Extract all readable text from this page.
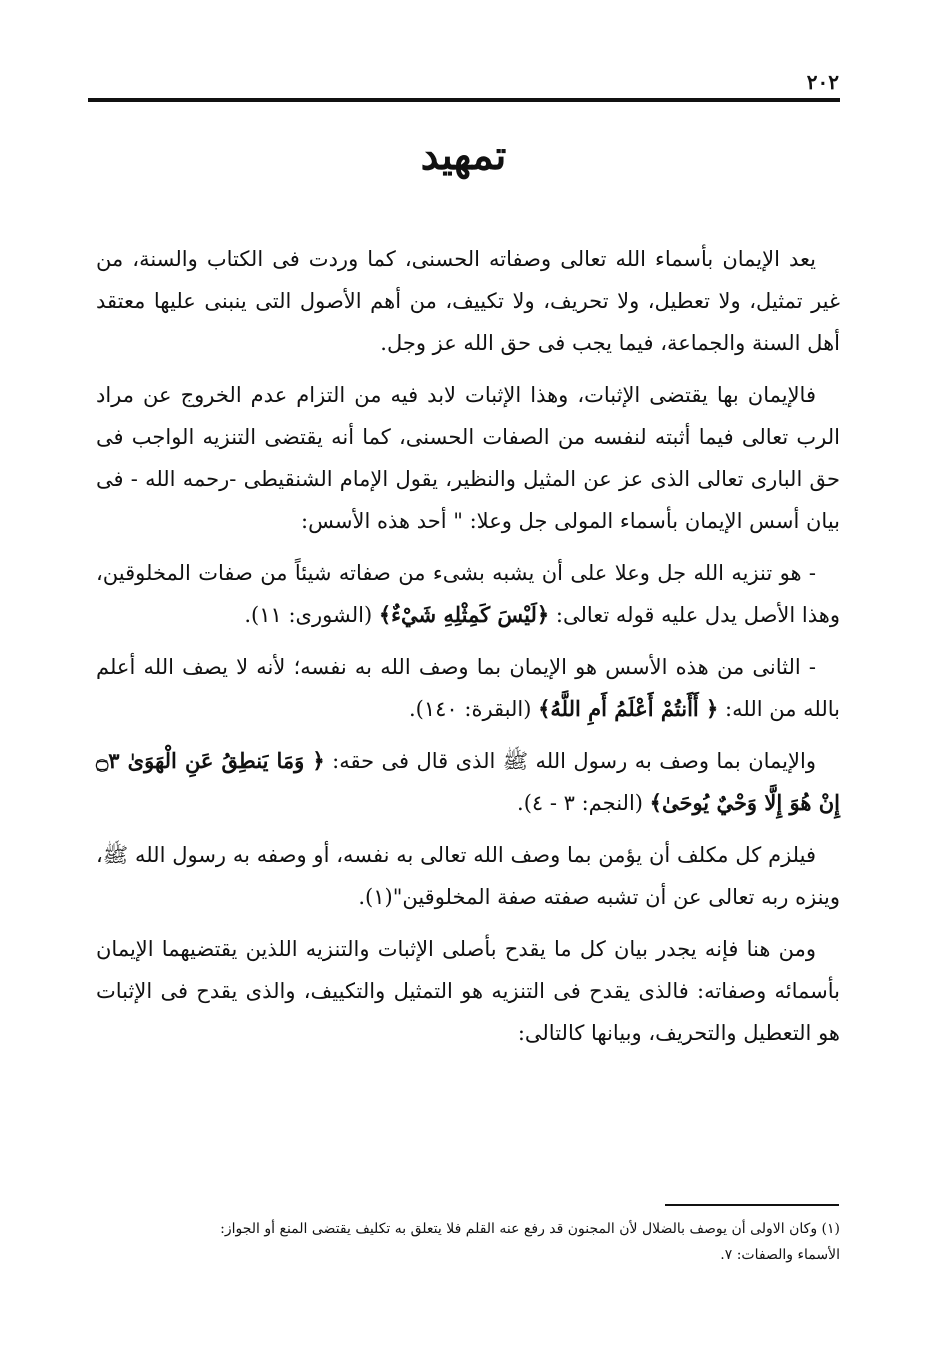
٢٠٢
تمهيد

يعد الإيمان بأسماء الله تعالى وصفاته الحسنى، كما وردت فى الكتاب والسنة، من غير تمثيل، ولا تعطيل، ولا تحريف، ولا تكييف، من أهم الأصول التى ينبنى عليها معتقد أهل السنة والجماعة، فيما يجب فى حق الله عز وجل.

فالإيمان بها يقتضى الإثبات، وهذا الإثبات لابد فيه من التزام عدم الخروج عن مراد الرب تعالى فيما أثبته لنفسه من الصفات الحسنى، كما أنه يقتضى التنزيه الواجب فى حق البارى تعالى الذى عز عن المثيل والنظير، يقول الإمام الشنقيطى -رحمه الله - فى بيان أسس الإيمان بأسماء المولى جل وعلا: " أحد هذه الأسس:

- هو تنزيه الله جل وعلا على أن يشبه بشىء من صفاته شيئاً من صفات المخلوقين، وهذا الأصل يدل عليه قوله تعالى: ﴿لَيْسَ كَمِثْلِهِ شَيْءٌ﴾ (الشورى: ١١).

- الثانى من هذه الأسس هو الإيمان بما وصف الله به نفسه؛ لأنه لا يصف الله أعلم بالله من الله: ﴿ أَأَنتُمْ أَعْلَمُ أَمِ اللَّهُ﴾ (البقرة: ١٤٠).

والإيمان بما وصف به رسول الله ﷺ الذى قال فى حقه: ﴿ وَمَا يَنطِقُ عَنِ الْهَوَىٰ ۝٣ إِنْ هُوَ إِلَّا وَحْيٌ يُوحَىٰ﴾ (النجم: ٣ - ٤).

فيلزم كل مكلف أن يؤمن بما وصف الله تعالى به نفسه، أو وصفه به رسول الله ﷺ، وينزه ربه تعالى عن أن تشبه صفته صفة المخلوقين"(١).

ومن هنا فإنه يجدر بيان كل ما يقدح بأصلى الإثبات والتنزيه اللذين يقتضيهما الإيمان بأسمائه وصفاته: فالذى يقدح فى التنزيه هو التمثيل والتكييف، والذى يقدح فى الإثبات هو التعطيل والتحريف، وبيانها كالتالى:

(١) وكان الاولى أن يوصف بالضلال لأن المجنون قد رفع عنه القلم فلا يتعلق به تكليف يقتضى المنع أو الجواز:

الأسماء والصفات: ٧.
